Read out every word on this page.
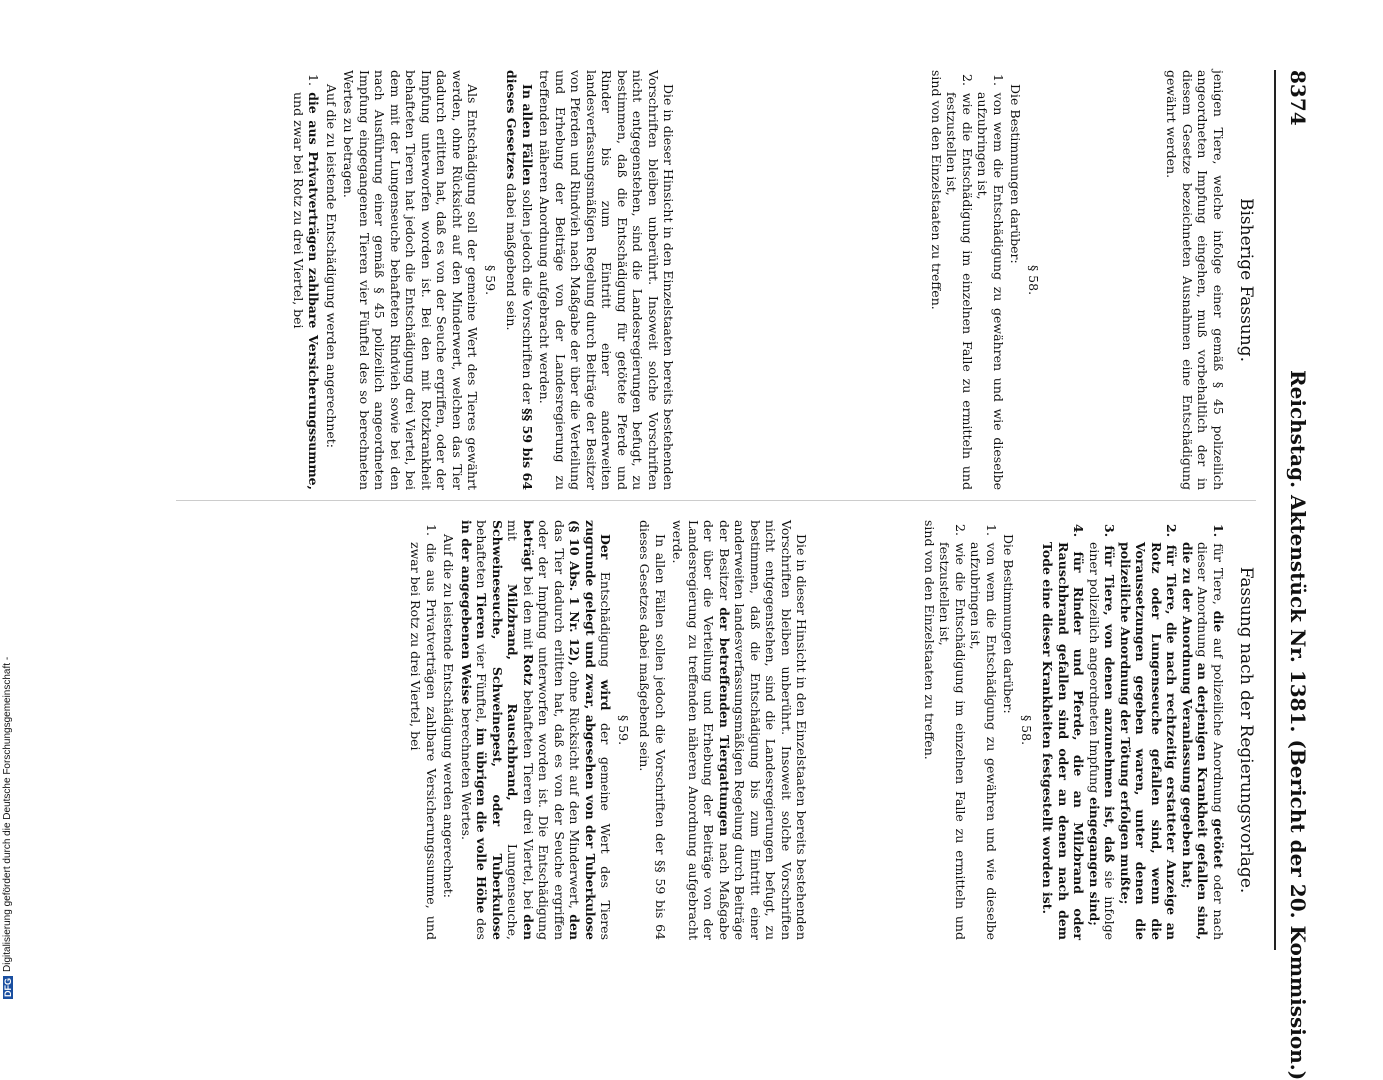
8374
Reichstag. Aktenstück Nr. 1381. (Bericht der 20. Kommission.)
Bisherige Fassung.

jenigen Tiere, welche infolge einer gemäß § 45 polizeilich angeordneten Impfung eingehen, muß vorbehaltlich der in diesem Gesetze bezeichneten Ausnahmen eine Entschädigung gewährt werden.

§ 58.

Die Bestimmungen darüber:

1. von wem die Entschädigung zu gewähren und wie dieselbe aufzubringen ist,

2. wie die Entschädigung im einzelnen Falle zu ermitteln und festzustellen ist,

sind von den Einzelstaaten zu treffen.

Die in dieser Hinsicht in den Einzelstaaten bereits bestehenden Vorschriften bleiben unberührt. Insoweit solche Vorschriften nicht entgegenstehen, sind die Landesregierungen befugt, zu bestimmen, daß die Entschädigung für getötete Pferde und Rinder bis zum Eintritt einer anderweiten landesverfassungsmäßigen Regelung durch Beiträge der Besitzer von Pferden und Rindvieh nach Maßgabe der über die Verteilung und Erhebung der Beiträge von der Landesregierung zu treffenden näheren Anordnung aufgebracht werden.

In allen Fällen sollen jedoch die Vorschriften der §§ 59 bis 64 dieses Gesetzes dabei maßgebend sein.

§ 59.

Als Entschädigung soll der gemeine Wert des Tieres gewährt werden, ohne Rücksicht auf den Minderwert, welchen das Tier dadurch erlitten hat, daß es von der Seuche ergriffen, oder der Impfung unterworfen worden ist. Bei den mit Rotzkrankheit behafteten Tieren hat jedoch die Entschädigung drei Viertel, bei dem mit der Lungenseuche behafteten Rindvieh sowie bei den nach Ausführung einer gemäß § 45 polizeilich angeordneten Impfung eingegangenen Tieren vier Fünftel des so berechneten Wertes zu betragen.

Auf die zu leistende Entschädigung werden angerechnet:

1. die aus Privatverträgen zahlbare Versicherungssumme, und zwar bei Rotz zu drei Viertel, bei

Fassung nach der Regierungsvorlage.

1. für Tiere, die auf polizeiliche Anordnung getötet oder nach dieser Anordnung an derjenigen Krankheit gefallen sind, die zu der Anordnung Veranlassung gegeben hat;

2. für Tiere, die nach rechtzeitig erstatteter Anzeige an Rotz oder Lungenseuche gefallen sind, wenn die Voraussetzungen gegeben waren, unter denen die polizeiliche Anordnung der Tötung erfolgen mußte;

3. für Tiere, von denen anzunehmen ist, daß sie infolge einer polizeilich angeordneten Impfung eingegangen sind;

4. für Rinder und Pferde, die an Milzbrand oder Rauschbrand gefallen sind oder an denen nach dem Tode eine dieser Krankheiten festgestellt worden ist.

§ 58.

Die Bestimmungen darüber:

1. von wem die Entschädigung zu gewähren und wie dieselbe aufzubringen ist,

2. wie die Entschädigung im einzelnen Falle zu ermitteln und festzustellen ist,

sind von den Einzelstaaten zu treffen.

Die in dieser Hinsicht in den Einzelstaaten bereits bestehenden Vorschriften bleiben unberührt. Insoweit solche Vorschriften nicht entgegenstehen, sind die Landesregierungen befugt, zu bestimmen, daß die Entschädigung bis zum Eintritt einer anderweiten landesverfassungsmäßigen Regelung durch Beiträge der Besitzer der betreffenden Tiergattungen nach Maßgabe der über die Verteilung und Erhebung der Beiträge von der Landesregierung zu treffenden näheren Anordnung aufgebracht werde.

In allen Fällen sollen jedoch die Vorschriften der §§ 59 bis 64 dieses Gesetzes dabei maßgebend sein.

§ 59.

Der Entschädigung wird der gemeine Wert des Tieres zugrunde gelegt und zwar, abgesehen von der Tuberkulose (§ 10 Abs. 1 Nr. 12), ohne Rücksicht auf den Minderwert, den das Tier dadurch erlitten hat, daß es von der Seuche ergriffen oder der Impfung unterworfen worden ist. Die Entschädigung beträgt bei den mit Rotz behafteten Tieren drei Viertel, bei den mit Milzbrand, Rauschbrand, Lungenseuche, Schweineseuche, Schweinepest, oder Tuberkulose behafteten Tieren vier Fünftel, im übrigen die volle Höhe des in der angegebenen Weise berechneten Wertes.

Auf die zu leistende Entschädigung werden angerechnet:

1. die aus Privatverträgen zahlbare Versicherungssumme, und zwar bei Rotz zu drei Viertel, bei

DFG
Digitalisierung gefördert durch die Deutsche Forschungsgemeinschaft -
